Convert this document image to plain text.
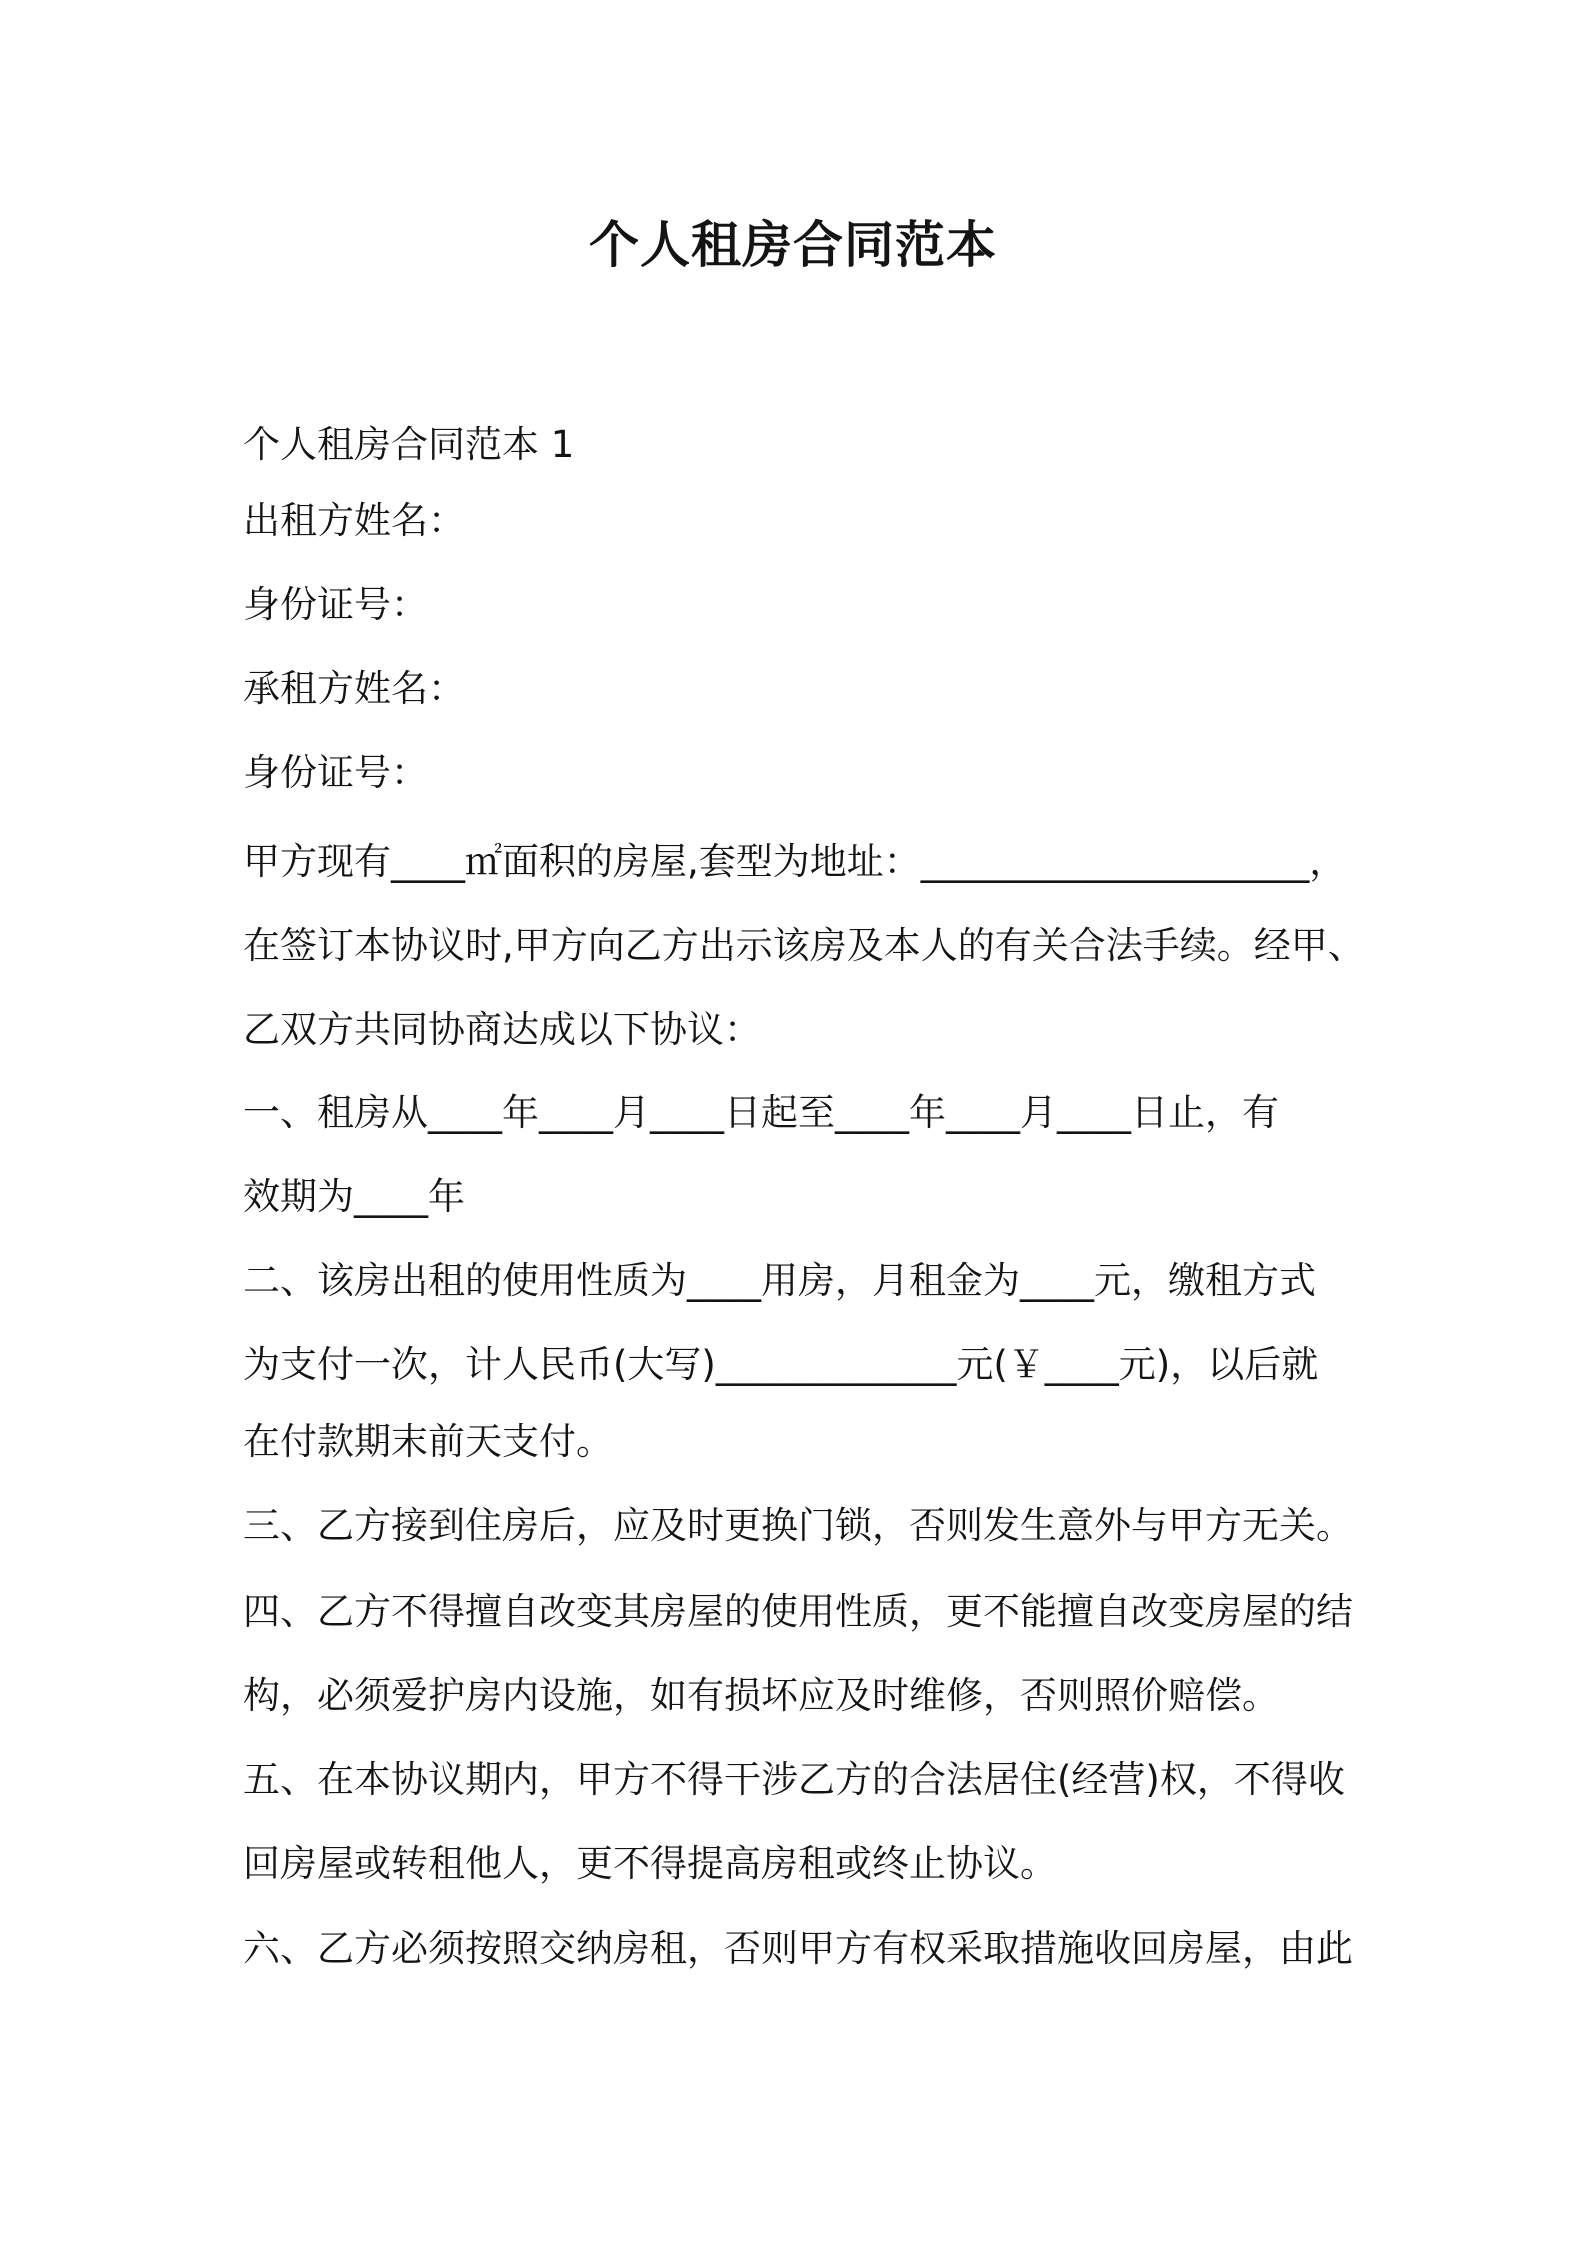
个人租房合同范本

个人租房合同范本 1

出租方姓名：

身份证号：

承租方姓名：

身份证号：

甲方现有____㎡面积的房屋,套型为地址：_____________________，

在签订本协议时,甲方向乙方出示该房及本人的有关合法手续。经甲、

乙双方共同协商达成以下协议：

一、租房从____年____月____日起至____年____月____日止，有

效期为____年

二、该房出租的使用性质为____用房，月租金为____元，缴租方式

为支付一次，计人民币(大写)_____________元(￥____元)，以后就

在付款期末前天支付。

三、乙方接到住房后，应及时更换门锁，否则发生意外与甲方无关。

四、乙方不得擅自改变其房屋的使用性质，更不能擅自改变房屋的结

构，必须爱护房内设施，如有损坏应及时维修，否则照价赔偿。

五、在本协议期内，甲方不得干涉乙方的合法居住(经营)权，不得收

回房屋或转租他人，更不得提高房租或终止协议。

六、乙方必须按照交纳房租，否则甲方有权采取措施收回房屋，由此
